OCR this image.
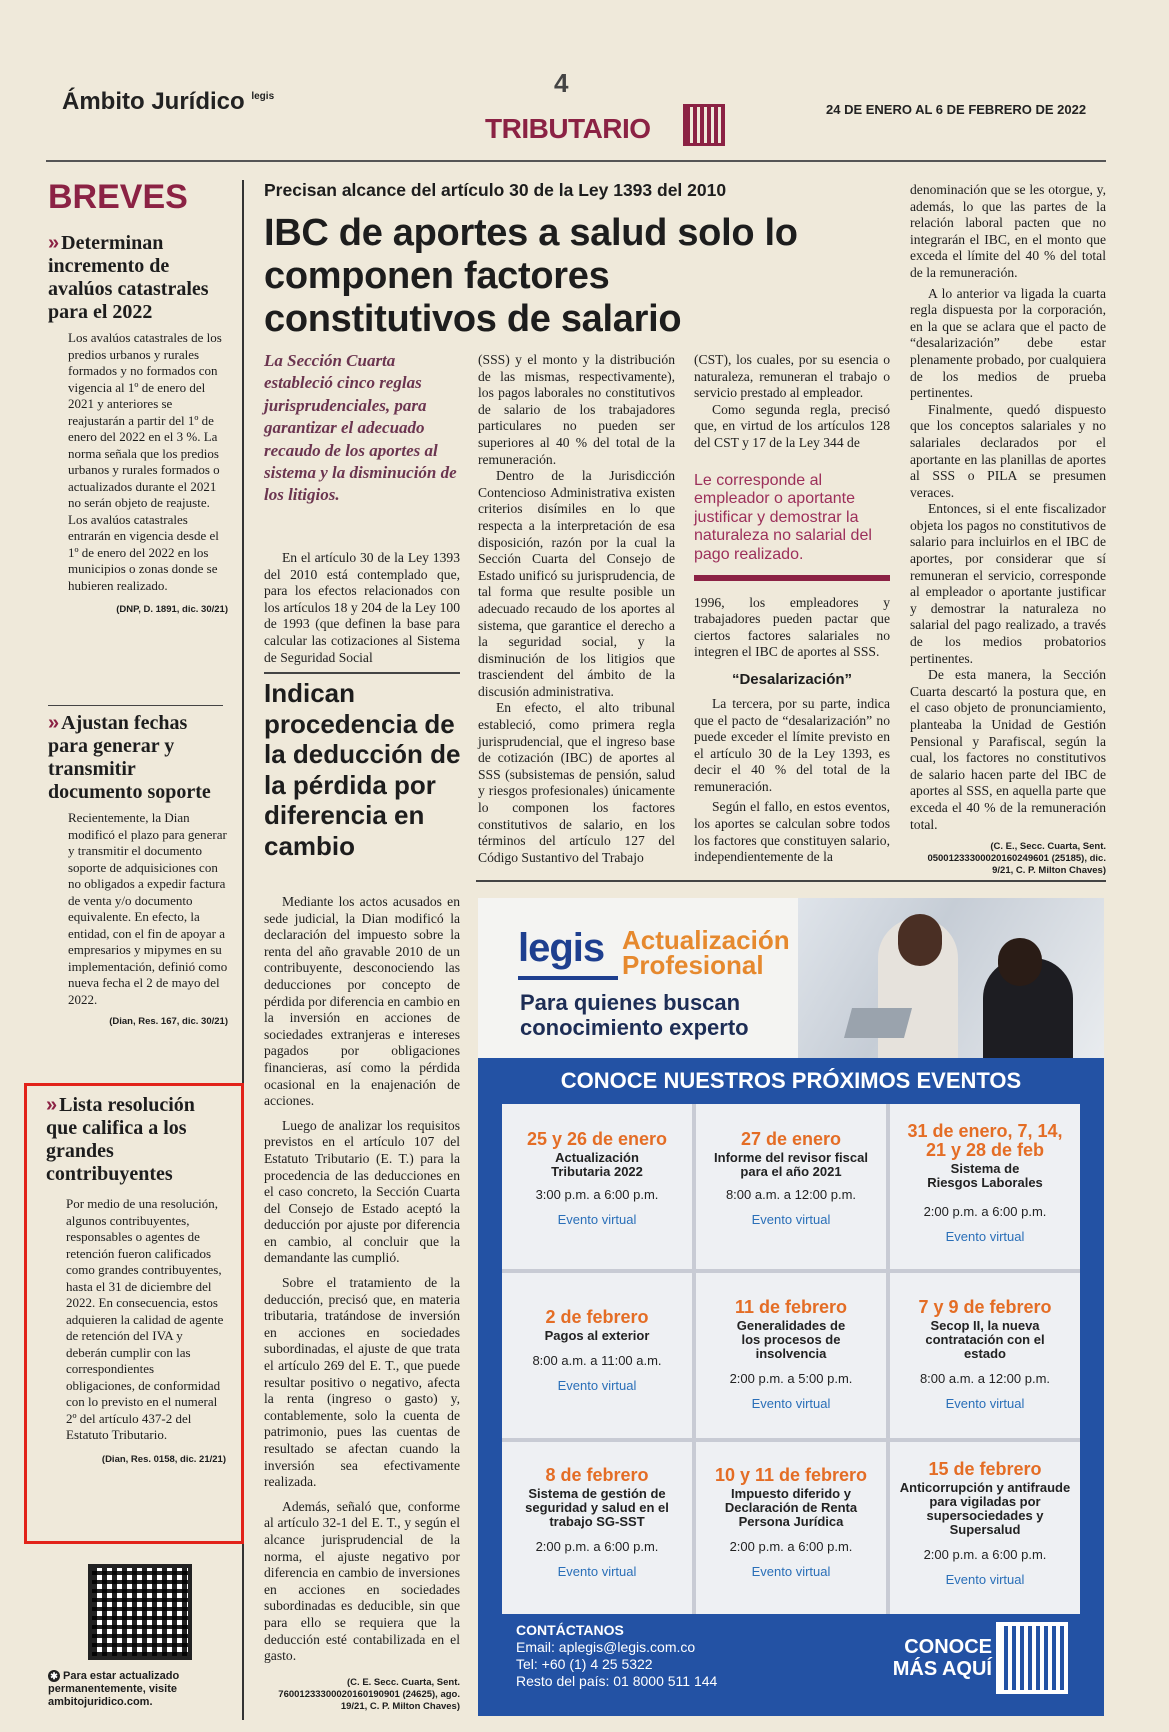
Ámbito Jurídico $^{legis}$	4
TRIBUTARIO
24 DE ENERO AL 6 DE FEBRERO DE 2022
BREVES
» Determinan incremento de avalúos catastrales para el 2022
Los avalúos catastrales de los predios urbanos y rurales formados y no formados con vigencia al 1º de enero del 2021 y anteriores se reajustarán a partir del 1º de enero del 2022 en el 3 %. La norma señala que los predios urbanos y rurales formados o actualizados durante el 2021 no serán objeto de reajuste. Los avalúos catastrales entrarán en vigencia desde el 1º de enero del 2022 en los municipios o zonas donde se hubieren realizado.
(DNP, D. 1891, dic. 30/21)
» Ajustan fechas para generar y transmitir documento soporte
Recientemente, la Dian modificó el plazo para generar y transmitir el documento soporte de adquisiciones con no obligados a expedir factura de venta y/o documento equivalente. En efecto, la entidad, con el fin de apoyar a empresarios y mipymes en su implementación, definió como nueva fecha el 2 de mayo del 2022.
(Dian, Res. 167, dic. 30/21)
» Lista resolución que califica a los grandes contribuyentes
Por medio de una resolución, algunos contribuyentes, responsables o agentes de retención fueron calificados como grandes contribuyentes, hasta el 31 de diciembre del 2022. En consecuencia, estos adquieren la calidad de agente de retención del IVA y deberán cumplir con las correspondientes obligaciones, de conformidad con lo previsto en el numeral 2º del artículo 437-2 del Estatuto Tributario.
(Dian, Res. 0158, dic. 21/21)
✱ Para estar actualizado permanentemente, visite ambitojuridico.com.
Precisan alcance del artículo 30 de la Ley 1393 del 2010
IBC de aportes a salud solo lo componen factores constitutivos de salario
La Sección Cuarta estableció cinco reglas jurisprudenciales, para garantizar el adecuado recaudo de los aportes al sistema y la disminución de los litigios.
En el artículo 30 de la Ley 1393 del 2010 está contemplado que, para los efectos relacionados con los artículos 18 y 204 de la Ley 100 de 1993 (que definen la base para calcular las cotizaciones al Sistema de Seguridad Social
(SSS) y el monto y la distribución de las mismas, respectivamente), los pagos laborales no constitutivos de salario de los trabajadores particulares no pueden ser superiores al 40 % del total de la remuneración.
Dentro de la Jurisdicción Contencioso Administrativa existen criterios disímiles en lo que respecta a la interpretación de esa disposición, razón por la cual la Sección Cuarta del Consejo de Estado unificó su jurisprudencia, de tal forma que resulte posible un adecuado recaudo de los aportes al sistema, que garantice el derecho a la seguridad social, y la disminución de los litigios que trasciendent del ámbito de la discusión administrativa.
En efecto, el alto tribunal estableció, como primera regla jurisprudencial, que el ingreso base de cotización (IBC) de aportes al SSS (subsistemas de pensión, salud y riesgos profesionales) únicamente lo componen los factores constitutivos de salario, en los términos del artículo 127 del Código Sustantivo del Trabajo
(CST), los cuales, por su esencia o naturaleza, remuneran el trabajo o servicio prestado al empleador.
Como segunda regla, precisó que, en virtud de los artículos 128 del CST y 17 de la Ley 344 de
Le corresponde al empleador o aportante justificar y demostrar la naturaleza no salarial del pago realizado.
1996, los empleadores y trabajadores pueden pactar que ciertos factores salariales no integren el IBC de aportes al SSS.
“Desalarización”
La tercera, por su parte, indica que el pacto de “desalarización” no puede exceder el límite previsto en el artículo 30 de la Ley 1393, es decir el 40 % del total de la remuneración.
Según el fallo, en estos eventos, los aportes se calculan sobre todos los factores que constituyen salario, independientemente de la
denominación que se les otorgue, y, además, lo que las partes de la relación laboral pacten que no integrarán el IBC, en el monto que exceda el límite del 40 % del total de la remuneración.
A lo anterior va ligada la cuarta regla dispuesta por la corporación, en la que se aclara que el pacto de “desalarización” debe estar plenamente probado, por cualquiera de los medios de prueba pertinentes.
Finalmente, quedó dispuesto que los conceptos salariales y no salariales declarados por el aportante en las planillas de aportes al SSS o PILA se presumen veraces.
Entonces, si el ente fiscalizador objeta los pagos no constitutivos de salario para incluirlos en el IBC de aportes, por considerar que sí remuneran el servicio, corresponde al empleador o aportante justificar y demostrar la naturaleza no salarial del pago realizado, a través de los medios probatorios pertinentes.
De esta manera, la Sección Cuarta descartó la postura que, en el caso objeto de pronunciamiento, planteaba la Unidad de Gestión Pensional y Parafiscal, según la cual, los factores no constitutivos de salario hacen parte del IBC de aportes al SSS, en aquella parte que exceda el 40 % de la remuneración total.
(C. E., Secc. Cuarta, Sent. 05001233300020160249601 (25185), dic. 9/21, C. P. Milton Chaves)
Indican procedencia de la deducción de la pérdida por diferencia en cambio
Mediante los actos acusados en sede judicial, la Dian modificó la declaración del impuesto sobre la renta del año gravable 2010 de un contribuyente, desconociendo las deducciones por concepto de pérdida por diferencia en cambio en la inversión en acciones de sociedades extranjeras e intereses pagados por obligaciones financieras, así como la pérdida ocasional en la enajenación de acciones.
Luego de analizar los requisitos previstos en el artículo 107 del Estatuto Tributario (E. T.) para la procedencia de las deducciones en el caso concreto, la Sección Cuarta del Consejo de Estado aceptó la deducción por ajuste por diferencia en cambio, al concluir que la demandante las cumplió.
Sobre el tratamiento de la deducción, precisó que, en materia tributaria, tratándose de inversión en acciones en sociedades subordinadas, el ajuste de que trata el artículo 269 del E. T., que puede resultar positivo o negativo, afecta la renta (ingreso o gasto) y, contablemente, solo la cuenta de patrimonio, pues las cuentas de resultado se afectan cuando la inversión sea efectivamente realizada.
Además, señaló que, conforme al artículo 32-1 del E. T., y según el alcance jurisprudencial de la norma, el ajuste negativo por diferencia en cambio de inversiones en acciones en sociedades subordinadas es deducible, sin que para ello se requiera que la deducción esté contabilizada en el gasto.
(C. E. Secc. Cuarta, Sent. 76001233300020160190901 (24625), ago. 19/21, C. P. Milton Chaves)
legis Actualización
Profesional
Para quienes buscan
conocimiento experto
CONOCE NUESTROS PRÓXIMOS EVENTOS
25 y 26 de enero
Actualización Tributaria 2022
3:00 p.m. a 6:00 p.m.
Evento virtual
27 de enero
Informe del revisor fiscal para el año 2021
8:00 a.m. a 12:00 p.m.
Evento virtual
31 de enero, 7, 14, 21 y 28 de feb
Sistema de Riesgos Laborales
2:00 p.m. a 6:00 p.m.
Evento virtual
2 de febrero
Pagos al exterior
8:00 a.m. a 11:00 a.m.
Evento virtual
11 de febrero
Generalidades de los procesos de insolvencia
2:00 p.m. a 5:00 p.m.
Evento virtual
7 y 9 de febrero
Secop II, la nueva contratación con el estado
8:00 a.m. a 12:00 p.m.
Evento virtual
8 de febrero
Sistema de gestión de seguridad y salud en el trabajo SG-SST
2:00 p.m. a 6:00 p.m.
Evento virtual
10 y 11 de febrero
Impuesto diferido y Declaración de Renta Persona Jurídica
2:00 p.m. a 6:00 p.m.
Evento virtual
15 de febrero
Anticorrupción y antifraude para vigiladas por supersociedades y Supersalud
2:00 p.m. a 6:00 p.m.
Evento virtual
CONTÁCTANOS
Email: aplegis@legis.com.co
Tel: +60 (1) 4 25 5322
Resto del país: 01 8000 511 144
CONOCE
MÁS AQUÍ
